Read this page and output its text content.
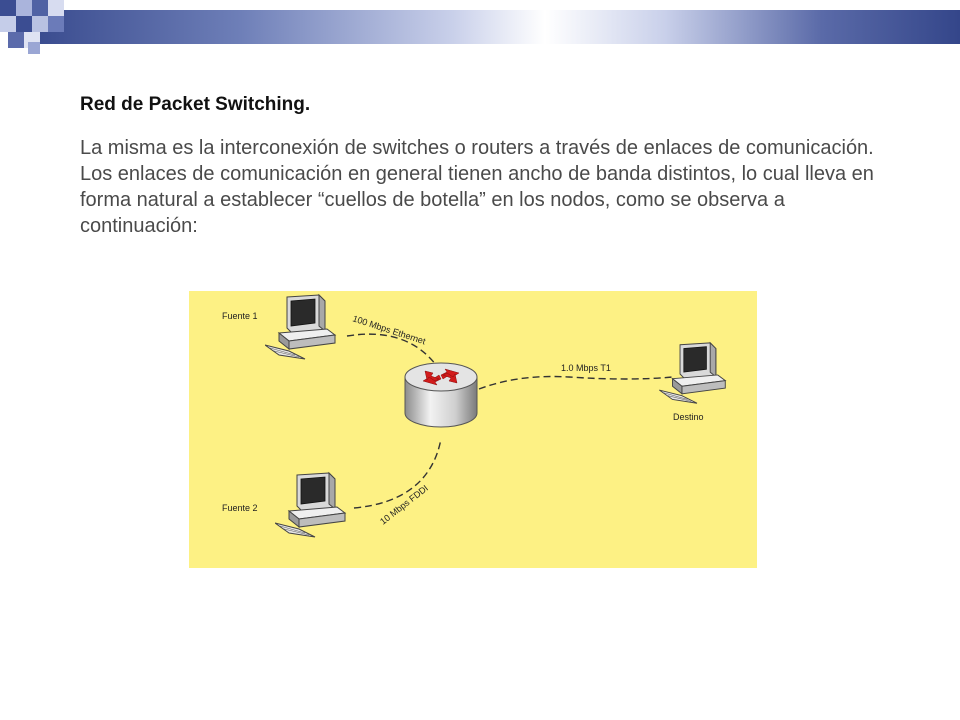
Red de Packet Switching.

La misma es la interconexión de switches o routers a través de enlaces de comunicación. Los enlaces de comunicación en general tienen ancho de banda distintos, lo cual lleva en forma natural a establecer “cuellos de botella” en los nodos, como se observa a continuación:

Fuente 1
Fuente 2
Destino
100 Mbps Ethernet
10 Mbps FDDI
1.0 Mbps T1
